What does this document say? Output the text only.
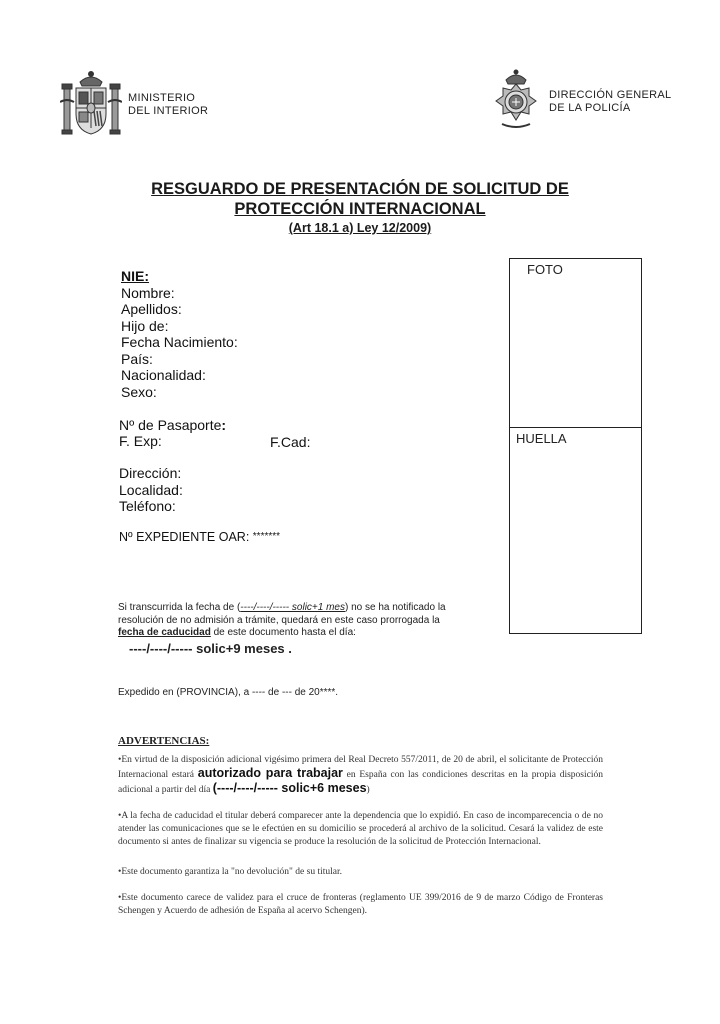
MINISTERIO
DEL INTERIOR
DIRECCIÓN GENERAL
DE LA POLICÍA
RESGUARDO DE PRESENTACIÓN DE SOLICITUD DE
PROTECCIÓN INTERNACIONAL
(Art 18.1 a) Ley 12/2009)
NIE:
Nombre:
Apellidos:
Hijo de:
Fecha Nacimiento:
País:
Nacionalidad:
Sexo:
Nº de Pasaporte:
F. Exp:	F.Cad:
Dirección:
Localidad:
Teléfono:
Nº EXPEDIENTE OAR: *******
FOTO
HUELLA
Si transcurrida la fecha de (----/----/----- solic+1 mes) no se ha notificado la
resolución de no admisión a trámite, quedará en este caso prorrogada la
fecha de caducidad de este documento hasta el día:
----/----/----- solic+9 meses .
Expedido en (PROVINCIA), a ---- de --- de 20****.
ADVERTENCIAS:
•En virtud de la disposición adicional vigésimo primera del Real Decreto 557/2011, de 20 de abril, el solicitante de Protección Internacional estará autorizado para trabajar en España con las condiciones descritas en la propia disposición adicional a partir del día (----/----/----- solic+6 meses)
•A la fecha de caducidad el titular deberá comparecer ante la dependencia que lo expidió. En caso de incomparecencia o de no atender las comunicaciones que se le efectúen en su domicilio se procederá al archivo de la solicitud. Cesará la validez de este documento si antes de finalizar su vigencia se produce la resolución de la solicitud de Protección Internacional.
•Este documento garantiza la "no devolución" de su titular.
•Este documento carece de validez para el cruce de fronteras (reglamento UE 399/2016 de 9 de marzo Código de Fronteras Schengen y Acuerdo de adhesión de España al acervo Schengen).
